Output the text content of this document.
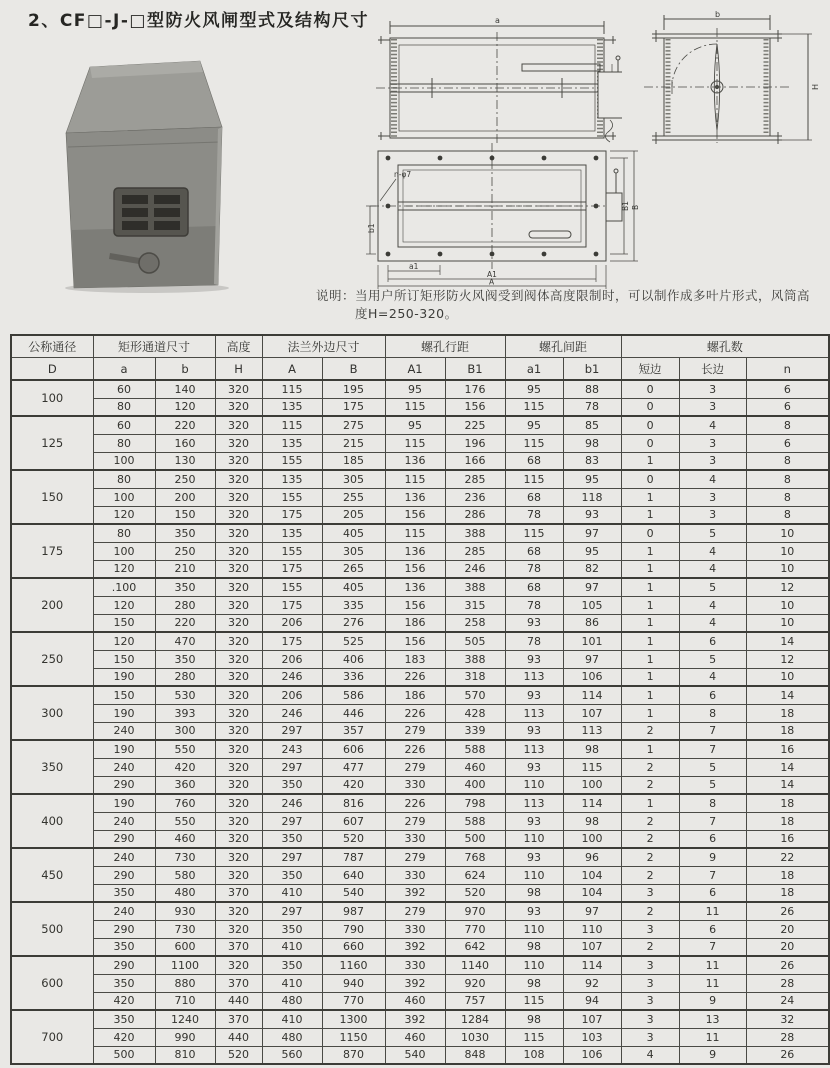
2、CF□-J-□型防火风闸型式及结构尺寸	a
b
H
n-φ7
b1
a1
A1
A
B1 B
说明： 当用户所订矩形防火风阀受到阀体高度限制时，可以制作成多叶片形式，风筒高度H=250-320。
公称通径	矩形通道尺寸		高度	法兰外边尺寸		螺孔行距		螺孔间距		螺孔数		
D	a	b	H	A	B	A1	B1	a1	b1	短边	长边	n
100	60	140	320	115	195	95	176	95	88	0	3	6
	80	120	320	135	175	115	156	115	78	0	3	6
125	60	220	320	115	275	95	225	95	85	0	4	8
	80	160	320	135	215	115	196	115	98	0	3	6
	100	130	320	155	185	136	166	68	83	1	3	8
150	80	250	320	135	305	115	285	115	95	0	4	8
	100	200	320	155	255	136	236	68	118	1	3	8
	120	150	320	175	205	156	286	78	93	1	3	8
175	80	350	320	135	405	115	388	115	97	0	5	10
	100	250	320	155	305	136	285	68	95	1	4	10
	120	210	320	175	265	156	246	78	82	1	4	10
200	.100	350	320	155	405	136	388	68	97	1	5	12
	120	280	320	175	335	156	315	78	105	1	4	10
	150	220	320	206	276	186	258	93	86	1	4	10
250	120	470	320	175	525	156	505	78	101	1	6	14
	150	350	320	206	406	183	388	93	97	1	5	12
	190	280	320	246	336	226	318	113	106	1	4	10
300	150	530	320	206	586	186	570	93	114	1	6	14
	190	393	320	246	446	226	428	113	107	1	8	18
	240	300	320	297	357	279	339	93	113	2	7	18
350	190	550	320	243	606	226	588	113	98	1	7	16
	240	420	320	297	477	279	460	93	115	2	5	14
	290	360	320	350	420	330	400	110	100	2	5	14
400	190	760	320	246	816	226	798	113	114	1	8	18
	240	550	320	297	607	279	588	93	98	2	7	18
	290	460	320	350	520	330	500	110	100	2	6	16
450	240	730	320	297	787	279	768	93	96	2	9	22
	290	580	320	350	640	330	624	110	104	2	7	18
	350	480	370	410	540	392	520	98	104	3	6	18
500	240	930	320	297	987	279	970	93	97	2	11	26
	290	730	320	350	790	330	770	110	110	3	6	20
	350	600	370	410	660	392	642	98	107	2	7	20
600	290	1100	320	350	1160	330	1140	110	114	3	11	26
	350	880	370	410	940	392	920	98	92	3	11	28
	420	710	440	480	770	460	757	115	94	3	9	24
700	350	1240	370	410	1300	392	1284	98	107	3	13	32
	420	990	440	480	1150	460	1030	115	103	3	11	28
	500	810	520	560	870	540	848	108	106	4	9	26
